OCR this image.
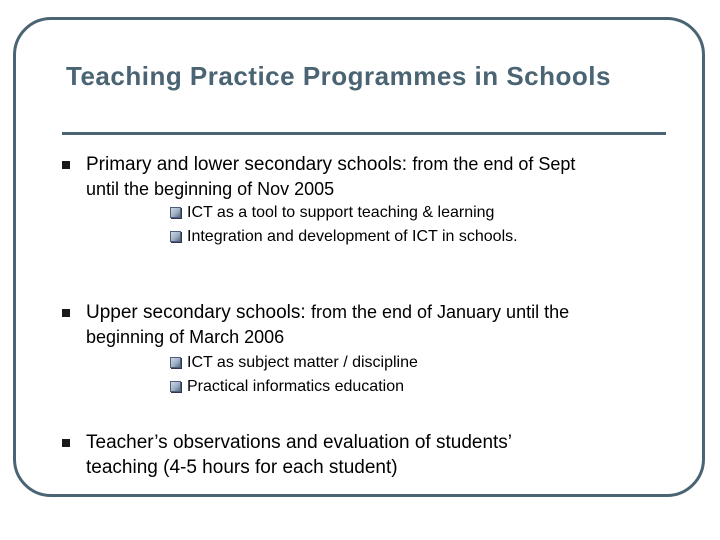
Teaching Practice Programmes in Schools
Primary and lower secondary schools: from the end of Sept
until the beginning of Nov 2005
ICT as a tool to support teaching & learning
Integration and development of ICT in schools.
Upper secondary schools: from the end of January until the
beginning of March 2006
ICT as subject matter / discipline
Practical informatics education
Teacher’s observations and evaluation of students’
teaching (4-5 hours for each student)
